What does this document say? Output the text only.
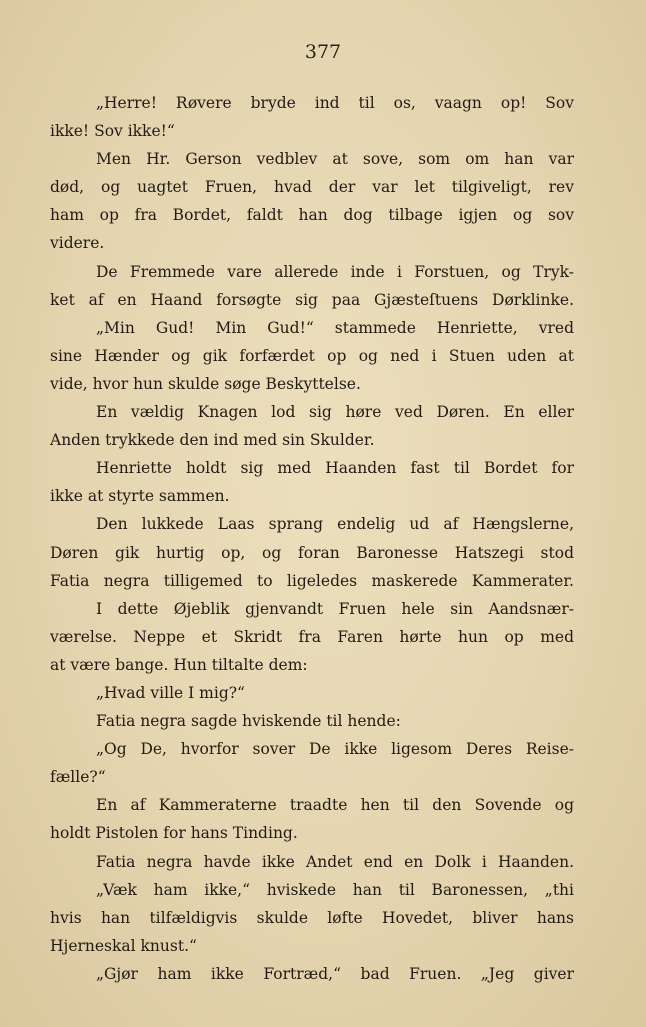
377
„Herre! Røvere bryde ind til os, vaagn op! Sov
ikke! Sov ikke!“
Men Hr. Gerson vedblev at sove, som om han var
død, og uagtet Fruen, hvad der var let tilgiveligt, rev
ham op fra Bordet, faldt han dog tilbage igjen og sov
videre.
De Fremmede vare allerede inde i Forstuen, og Tryk-
ket af en Haand forsøgte sig paa Gjæsteſtuens Dørklinke.
„Min Gud! Min Gud!“ stammede Henriette, vred
sine Hænder og gik forfærdet op og ned i Stuen uden at
vide, hvor hun skulde søge Beskyttelse.
En vældig Knagen lod sig høre ved Døren. En eller
Anden trykkede den ind med sin Skulder.
Henriette holdt sig med Haanden fast til Bordet for
ikke at styrte sammen.
Den lukkede Laas sprang endelig ud af Hængslerne,
Døren gik hurtig op, og foran Baronesse Hatszegi stod
Fatia negra tilligemed to ligeledes maskerede Kammerater.
I dette Øjeblik gjenvandt Fruen hele sin Aandsnær-
værelse. Neppe et Skridt fra Faren hørte hun op med
at være bange. Hun tiltalte dem:
„Hvad ville I mig?“
Fatia negra sagde hviskende til hende:
„Og De, hvorfor sover De ikke ligesom Deres Reise-
fælle?“
En af Kammeraterne traadte hen til den Sovende og
holdt Pistolen for hans Tinding.
Fatia negra havde ikke Andet end en Dolk i Haanden.
„Væk ham ikke,“ hviskede han til Baronessen, „thi
hvis han tilfældigvis skulde løfte Hovedet, bliver hans
Hjerneskal knust.“
„Gjør ham ikke Fortræd,“ bad Fruen. „Jeg giver
